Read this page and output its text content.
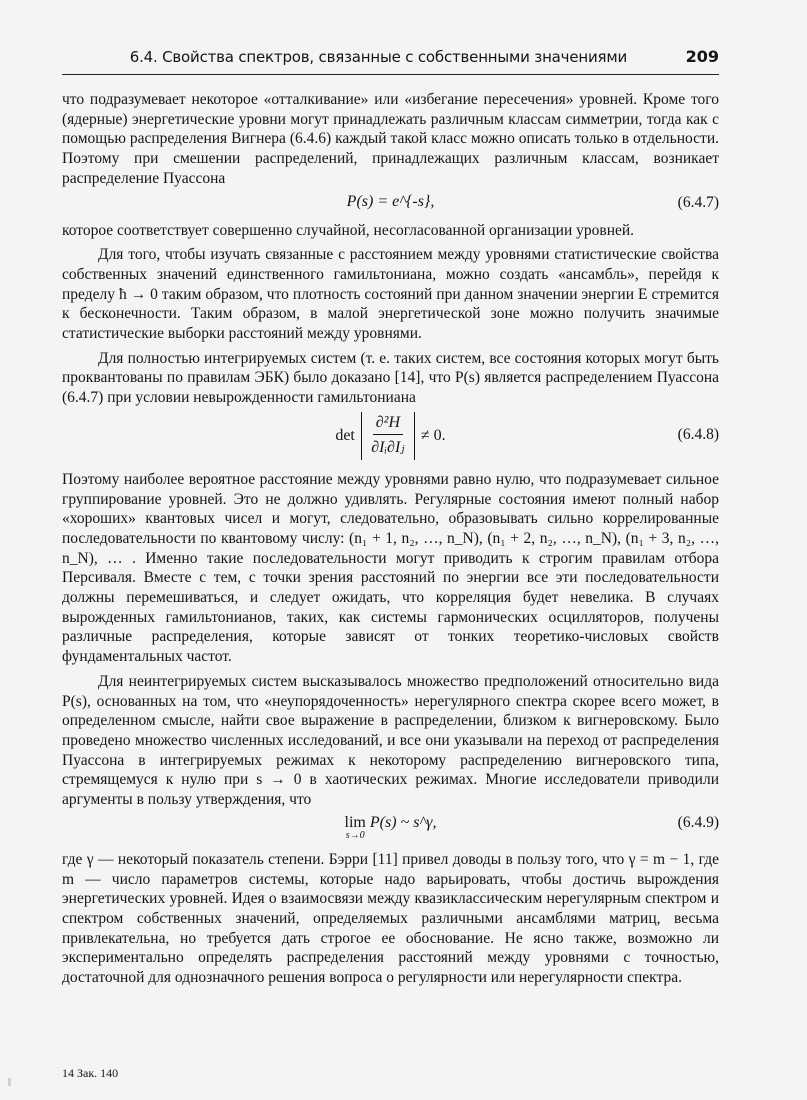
6.4. Свойства спектров, связанные с собственными значениями	209

что подразумевает некоторое «отталкивание» или «избегание пересечения» уровней. Кроме того (ядерные) энергетические уровни могут принадлежать различным классам симметрии, тогда как с помощью распределения Вигнера (6.4.6) каждый такой класс можно описать только в отдельности. Поэтому при смешении распределений, принадлежащих различным классам, возникает распределение Пуассона

P(s) = e^{-s},	(6.4.7)

которое соответствует совершенно случайной, несогласованной организации уровней.

Для того, чтобы изучать связанные с расстоянием между уровнями статистические свойства собственных значений единственного гамильтониана, можно создать «ансамбль», перейдя к пределу ħ → 0 таким образом, что плотность состояний при данном значении энергии E стремится к бесконечности. Таким образом, в малой энергетической зоне можно получить значимые статистические выборки расстояний между уровнями.

Для полностью интегрируемых систем (т. е. таких систем, все состояния которых могут быть проквантованы по правилам ЭБК) было доказано [14], что P(s) является распределением Пуассона (6.4.7) при условии невырожденности гамильтониана

$\det \frac{\text{∂²H}}{\text{∂Iᵢ∂Iⱼ}} \ne 0$.	(6.4.8)

Поэтому наиболее вероятное расстояние между уровнями равно нулю, что подразумевает сильное группирование уровней. Это не должно удивлять. Регулярные состояния имеют полный набор «хороших» квантовых чисел и могут, следовательно, образовывать сильно коррелированные последовательности по квантовому числу: (n₁ + 1, n₂, …, n_N), (n₁ + 2, n₂, …, n_N), (n₁ + 3, n₂, …, n_N), … . Именно такие последовательности могут приводить к строгим правилам отбора Персиваля. Вместе с тем, с точки зрения расстояний по энергии все эти последовательности должны перемешиваться, и следует ожидать, что корреляция будет невелика. В случаях вырожденных гамильтонианов, таких, как системы гармонических осцилляторов, получены различные распределения, которые зависят от тонких теоретико-числовых свойств фундаментальных частот.

Для неинтегрируемых систем высказывалось множество предположений относительно вида P(s), основанных на том, что «неупорядоченность» нерегулярного спектра скорее всего может, в определенном смысле, найти свое выражение в распределении, близком к вигнеровскому. Было проведено множество численных исследований, и все они указывали на переход от распределения Пуассона в интегрируемых режимах к некоторому распределению вигнеровского типа, стремящемуся к нулю при s → 0 в хаотических режимах. Многие исследователи приводили аргументы в пользу утверждения, что

lim
s→0
P(s) ~ s^γ,	(6.4.9)

где γ — некоторый показатель степени. Бэрри [11] привел доводы в пользу того, что γ = m − 1, где m — число параметров системы, которые надо варьировать, чтобы достичь вырождения энергетических уровней. Идея о взаимосвязи между квазиклассическим нерегулярным спектром и спектром собственных значений, определяемых различными ансамблями матриц, весьма привлекательна, но требуется дать строгое ее обоснование. Не ясно также, возможно ли экспериментально определять распределения расстояний между уровнями с точностью, достаточной для однозначного решения вопроса о регулярности или нерегулярности спектра.

14 Зак. 140
